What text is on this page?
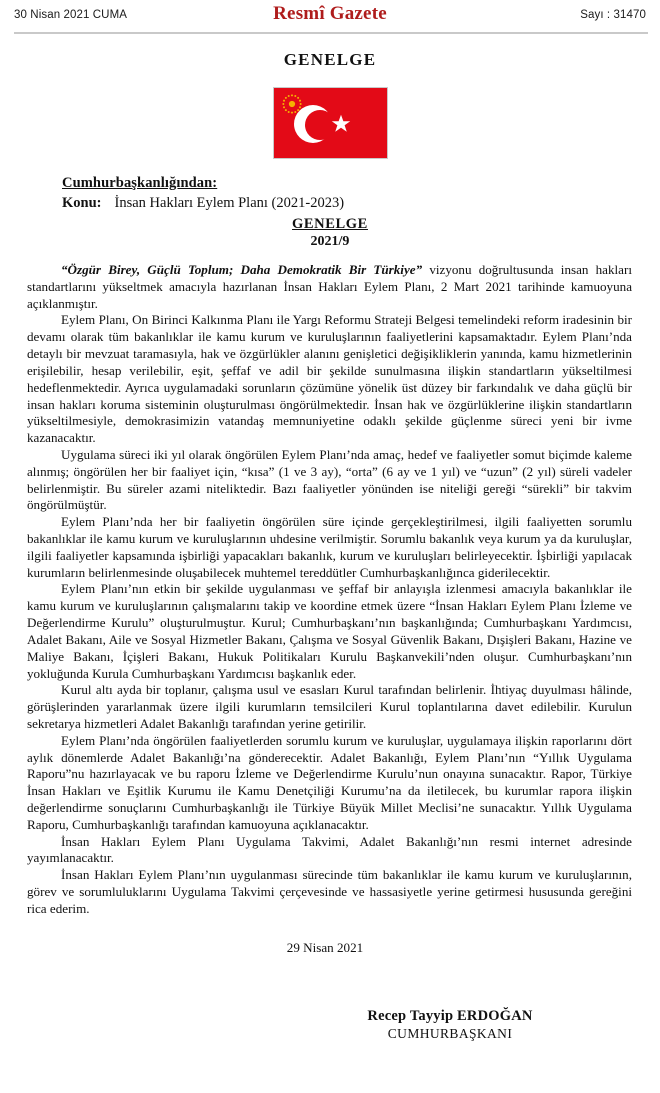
30 Nisan 2021 CUMA	Resmî Gazete	Sayı : 31470
GENELGE
Cumhurbaşkanlığından:
Konu: İnsan Hakları Eylem Planı (2021-2023)
GENELGE
2021/9

“Özgür Birey, Güçlü Toplum; Daha Demokratik Bir Türkiye” vizyonu doğrultusunda insan hakları standartlarını yükseltmek amacıyla hazırlanan İnsan Hakları Eylem Planı, 2 Mart 2021 tarihinde kamuoyuna açıklanmıştır.

Eylem Planı, On Birinci Kalkınma Planı ile Yargı Reformu Strateji Belgesi temelindeki reform iradesinin bir devamı olarak tüm bakanlıklar ile kamu kurum ve kuruluşlarının faaliyetlerini kapsamaktadır. Eylem Planı’nda detaylı bir mevzuat taramasıyla, hak ve özgürlükler alanını genişletici değişikliklerin yanında, kamu hizmetlerinin erişilebilir, hesap verilebilir, eşit, şeffaf ve adil bir şekilde sunulmasına ilişkin standartların yükseltilmesi hedeflenmektedir. Ayrıca uygulamadaki sorunların çözümüne yönelik üst düzey bir farkındalık ve daha güçlü bir insan hakları koruma sisteminin oluşturulması öngörülmektedir. İnsan hak ve özgürlüklerine ilişkin standartların yükseltilmesiyle, demokrasimizin vatandaş memnuniyetine odaklı şekilde güçlenme süreci yeni bir ivme kazanacaktır.

Uygulama süreci iki yıl olarak öngörülen Eylem Planı’nda amaç, hedef ve faaliyetler somut biçimde kaleme alınmış; öngörülen her bir faaliyet için, “kısa” (1 ve 3 ay), “orta” (6 ay ve 1 yıl) ve “uzun” (2 yıl) süreli vadeler belirlenmiştir. Bu süreler azami niteliktedir. Bazı faaliyetler yönünden ise niteliği gereği “sürekli” bir takvim öngörülmüştür.

Eylem Planı’nda her bir faaliyetin öngörülen süre içinde gerçekleştirilmesi, ilgili faaliyetten sorumlu bakanlıklar ile kamu kurum ve kuruluşlarının uhdesine verilmiştir. Sorumlu bakanlık veya kurum ya da kuruluşlar, ilgili faaliyetler kapsamında işbirliği yapacakları bakanlık, kurum ve kuruluşları belirleyecektir. İşbirliği yapılacak kurumların belirlenmesinde oluşabilecek muhtemel tereddütler Cumhurbaşkanlığınca giderilecektir.

Eylem Planı’nın etkin bir şekilde uygulanması ve şeffaf bir anlayışla izlenmesi amacıyla bakanlıklar ile kamu kurum ve kuruluşlarının çalışmalarını takip ve koordine etmek üzere “İnsan Hakları Eylem Planı İzleme ve Değerlendirme Kurulu” oluşturulmuştur. Kurul; Cumhurbaşkanı’nın başkanlığında; Cumhurbaşkanı Yardımcısı, Adalet Bakanı, Aile ve Sosyal Hizmetler Bakanı, Çalışma ve Sosyal Güvenlik Bakanı, Dışişleri Bakanı, Hazine ve Maliye Bakanı, İçişleri Bakanı, Hukuk Politikaları Kurulu Başkanvekili’nden oluşur. Cumhurbaşkanı’nın yokluğunda Kurula Cumhurbaşkanı Yardımcısı başkanlık eder.

Kurul altı ayda bir toplanır, çalışma usul ve esasları Kurul tarafından belirlenir. İhtiyaç duyulması hâlinde, görüşlerinden yararlanmak üzere ilgili kurumların temsilcileri Kurul toplantılarına davet edilebilir. Kurulun sekretarya hizmetleri Adalet Bakanlığı tarafından yerine getirilir.

Eylem Planı’nda öngörülen faaliyetlerden sorumlu kurum ve kuruluşlar, uygulamaya ilişkin raporlarını dört aylık dönemlerde Adalet Bakanlığı’na gönderecektir. Adalet Bakanlığı, Eylem Planı’nın “Yıllık Uygulama Raporu”nu hazırlayacak ve bu raporu İzleme ve Değerlendirme Kurulu’nun onayına sunacaktır. Rapor, Türkiye İnsan Hakları ve Eşitlik Kurumu ile Kamu Denetçiliği Kurumu’na da iletilecek, bu kurumlar rapora ilişkin değerlendirme sonuçlarını Cumhurbaşkanlığı ile Türkiye Büyük Millet Meclisi’ne sunacaktır. Yıllık Uygulama Raporu, Cumhurbaşkanlığı tarafından kamuoyuna açıklanacaktır.

İnsan Hakları Eylem Planı Uygulama Takvimi, Adalet Bakanlığı’nın resmi internet adresinde yayımlanacaktır.

İnsan Hakları Eylem Planı’nın uygulanması sürecinde tüm bakanlıklar ile kamu kurum ve kuruluşlarının, görev ve sorumluluklarını Uygulama Takvimi çerçevesinde ve hassasiyetle yerine getirmesi hususunda gereğini rica ederim.

29 Nisan 2021
Recep Tayyip ERDOĞAN
CUMHURBAŞKANI
